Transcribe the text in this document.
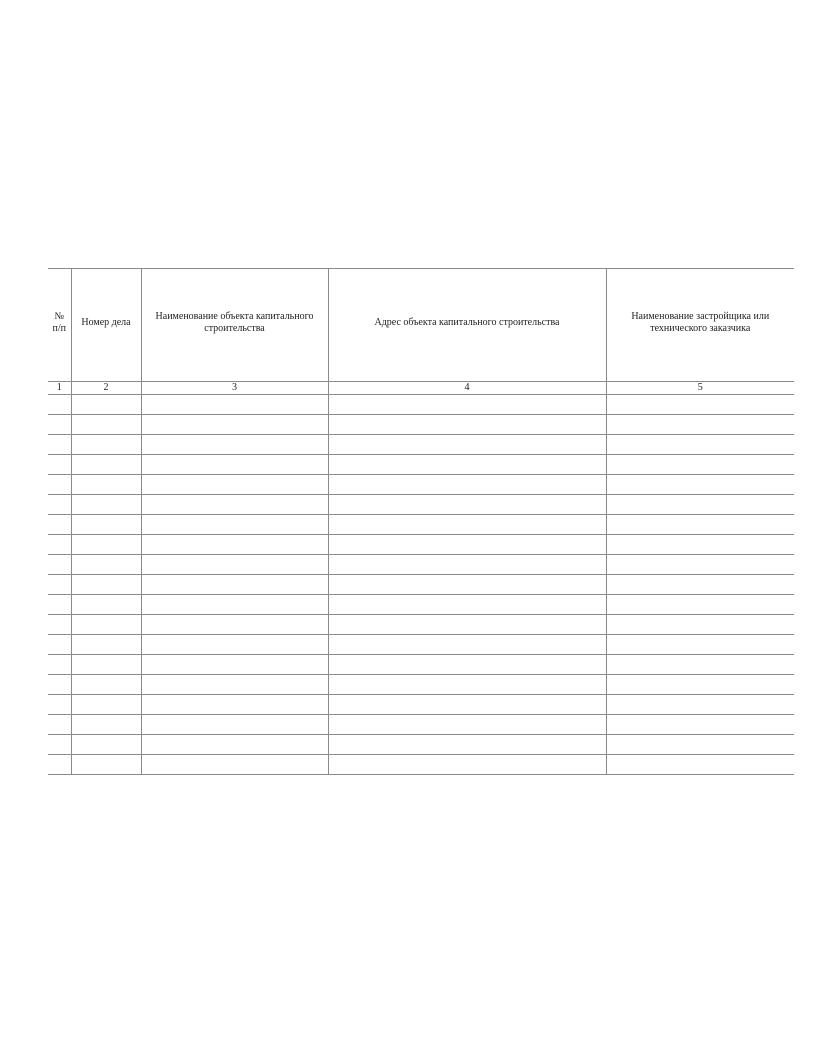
№
п/п	Номер дела	Наименование объекта капитального строительства	Адрес объекта капитального строительства	Наименование застройщика или технического заказчика
1	2	3	4	5
